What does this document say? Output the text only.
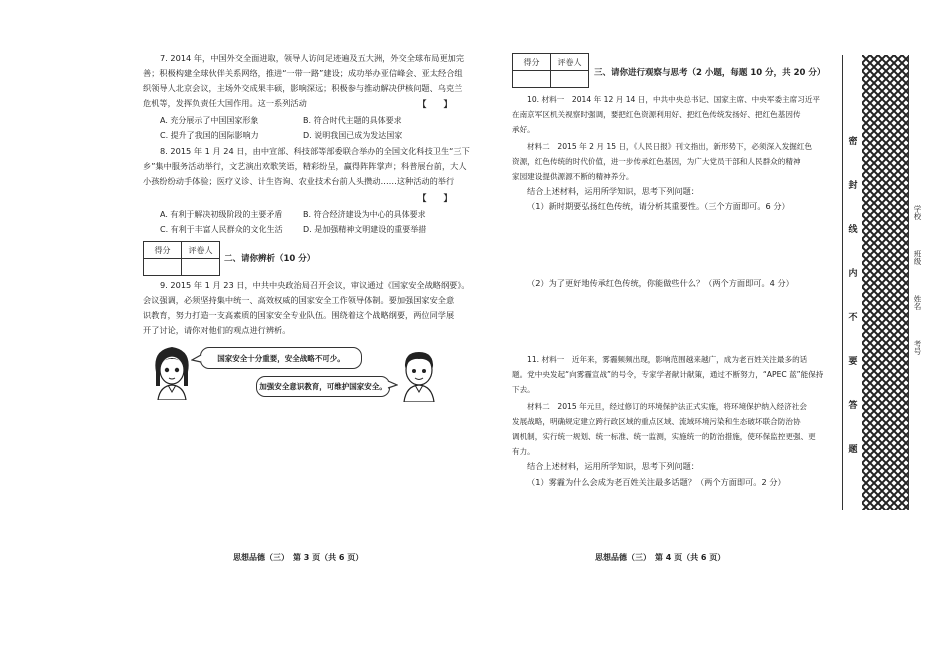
7. 2014 年，中国外交全面进取，领导人访问足迹遍及五大洲，外交全球布局更加完
善；积极构建全球伙伴关系网络，推进“一带一路”建设；成功举办亚信峰会、亚太经合组
织领导人北京会议，主场外交成果丰硕，影响深远；积极参与推动解决伊核问题、乌克兰
危机等，发挥负责任大国作用。这一系列活动	【　　】
A. 充分展示了中国国家形象	B. 符合时代主题的具体要求
C. 提升了我国的国际影响力	D. 说明我国已成为发达国家
8. 2015 年 1 月 24 日，由中宣部、科技部等部委联合举办的全国文化科技卫生“三下
乡”集中服务活动举行，文艺演出欢歌笑语，精彩纷呈，赢得阵阵掌声；科普展台前，大人
小孩纷纷动手体验；医疗义诊、计生咨询、农业技术台前人头攒动……这种活动的举行
【　　】
A. 有利于解决初级阶段的主要矛盾	B. 符合经济建设为中心的具体要求
C. 有利于丰富人民群众的文化生活	D. 是加强精神文明建设的重要举措
得分	评卷人
二、请你辨析（10 分）
9. 2015 年 1 月 23 日，中共中央政治局召开会议，审议通过《国家安全战略纲要》。
会议强调，必须坚持集中统一、高效权威的国家安全工作领导体制。要加强国家安全意
识教育，努力打造一支高素质的国家安全专业队伍。围绕着这个战略纲要，两位同学展
开了讨论，请你对他们的观点进行辨析。
国家安全十分重要，安全战略不可少。
加强安全意识教育，可维护国家安全。
思想品德（三）　第 3 页（共 6 页）
得分	评卷人
三、请你进行观察与思考（2 小题，每题 10 分，共 20 分）
10. 材料一　2014 年 12 月 14 日，中共中央总书记、国家主席、中央军委主席习近平
在南京军区机关视察时强调，要把红色资源利用好、把红色传统发扬好、把红色基因传
承好。
材料二　2015 年 2 月 15 日，《人民日报》刊文指出，新形势下，必须深入发掘红色
资源，红色传统的时代价值，进一步传承红色基因，为广大党员干部和人民群众的精神
家园建设提供源源不断的精神养分。
结合上述材料，运用所学知识，思考下列问题：
（1）新时期要弘扬红色传统，请分析其重要性。（三个方面即可。6 分）
（2）为了更好地传承红色传统，你能做些什么？（两个方面即可。4 分）
11. 材料一　近年来，雾霾频频出现，影响范围越来越广，成为老百姓关注最多的话
题。党中央发起“向雾霾宣战”的号令，专家学者献计献策，通过不断努力，“APEC 蓝”能保持
下去。
材料二　2015 年元旦，经过修订的环境保护法正式实施，将环境保护纳入经济社会
发展战略，明确规定建立跨行政区域的重点区域、流域环境污染和生态破坏联合防治协
调机制，实行统一规划、统一标准、统一监测，实施统一的防治措施，使环保监控更强、更
有力。
结合上述材料，运用所学知识，思考下列问题：
（1）雾霾为什么会成为老百姓关注最多话题？（两个方面即可。2 分）
思想品德（三）　第 4 页（共 6 页）
密
封
线
内
不
要
答
题
学校　　　　班级　　　　姓名　　　　考号
